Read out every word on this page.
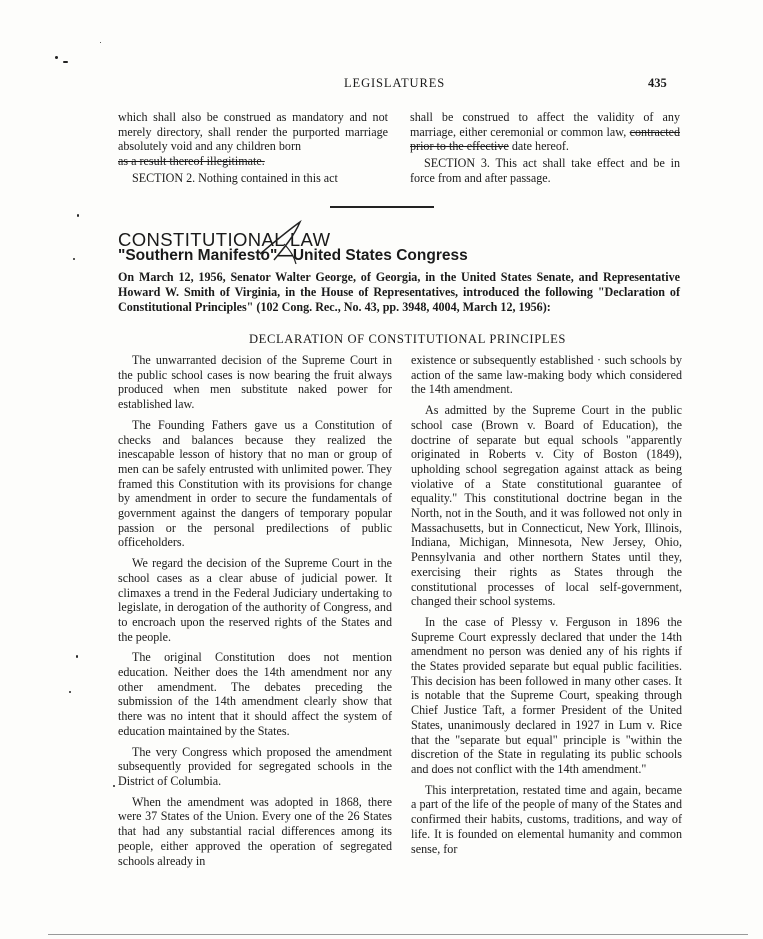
LEGISLATURES	435

which shall also be construed as mandatory and not merely directory, shall render the purported marriage absolutely void and any children born

as a result thereof illegitimate.

SECTION 2. Nothing contained in this act

shall be construed to affect the validity of any marriage, either ceremonial or common law, contracted prior to the effective date hereof.

SECTION 3. This act shall take effect and be in force from and after passage.

CONSTITUTIONAL LAW
"Southern Manifesto"—United States Congress
On March 12, 1956, Senator Walter George, of Georgia, in the United States Senate, and Representative Howard W. Smith of Virginia, in the House of Representatives, introduced the following "Declaration of Constitutional Principles" (102 Cong. Rec., No. 43, pp. 3948, 4004, March 12, 1956):
DECLARATION OF CONSTITUTIONAL PRINCIPLES

The unwarranted decision of the Supreme Court in the public school cases is now bearing the fruit always produced when men substitute naked power for established law.

The Founding Fathers gave us a Constitution of checks and balances because they realized the inescapable lesson of history that no man or group of men can be safely entrusted with unlimited power. They framed this Constitution with its provisions for change by amendment in order to secure the fundamentals of government against the dangers of temporary popular passion or the personal predilections of public officeholders.

We regard the decision of the Supreme Court in the school cases as a clear abuse of judicial power. It climaxes a trend in the Federal Judiciary undertaking to legislate, in derogation of the authority of Congress, and to encroach upon the reserved rights of the States and the people.

The original Constitution does not mention education. Neither does the 14th amendment nor any other amendment. The debates preceding the submission of the 14th amendment clearly show that there was no intent that it should affect the system of education maintained by the States.

The very Congress which proposed the amendment subsequently provided for segregated schools in the District of Columbia.

When the amendment was adopted in 1868, there were 37 States of the Union. Every one of the 26 States that had any substantial racial differences among its people, either approved the operation of segregated schools already in

existence or subsequently established · such schools by action of the same law-making body which considered the 14th amendment.

As admitted by the Supreme Court in the public school case (Brown v. Board of Education), the doctrine of separate but equal schools "apparently originated in Roberts v. City of Boston (1849), upholding school segregation against attack as being violative of a State constitutional guarantee of equality." This constitutional doctrine began in the North, not in the South, and it was followed not only in Massachusetts, but in Connecticut, New York, Illinois, Indiana, Michigan, Minnesota, New Jersey, Ohio, Pennsylvania and other northern States until they, exercising their rights as States through the constitutional processes of local self-government, changed their school systems.

In the case of Plessy v. Ferguson in 1896 the Supreme Court expressly declared that under the 14th amendment no person was denied any of his rights if the States provided separate but equal public facilities. This decision has been followed in many other cases. It is notable that the Supreme Court, speaking through Chief Justice Taft, a former President of the United States, unanimously declared in 1927 in Lum v. Rice that the "separate but equal" principle is "within the discretion of the State in regulating its public schools and does not conflict with the 14th amendment."

This interpretation, restated time and again, became a part of the life of the people of many of the States and confirmed their habits, customs, traditions, and way of life. It is founded on elemental humanity and common sense, for
